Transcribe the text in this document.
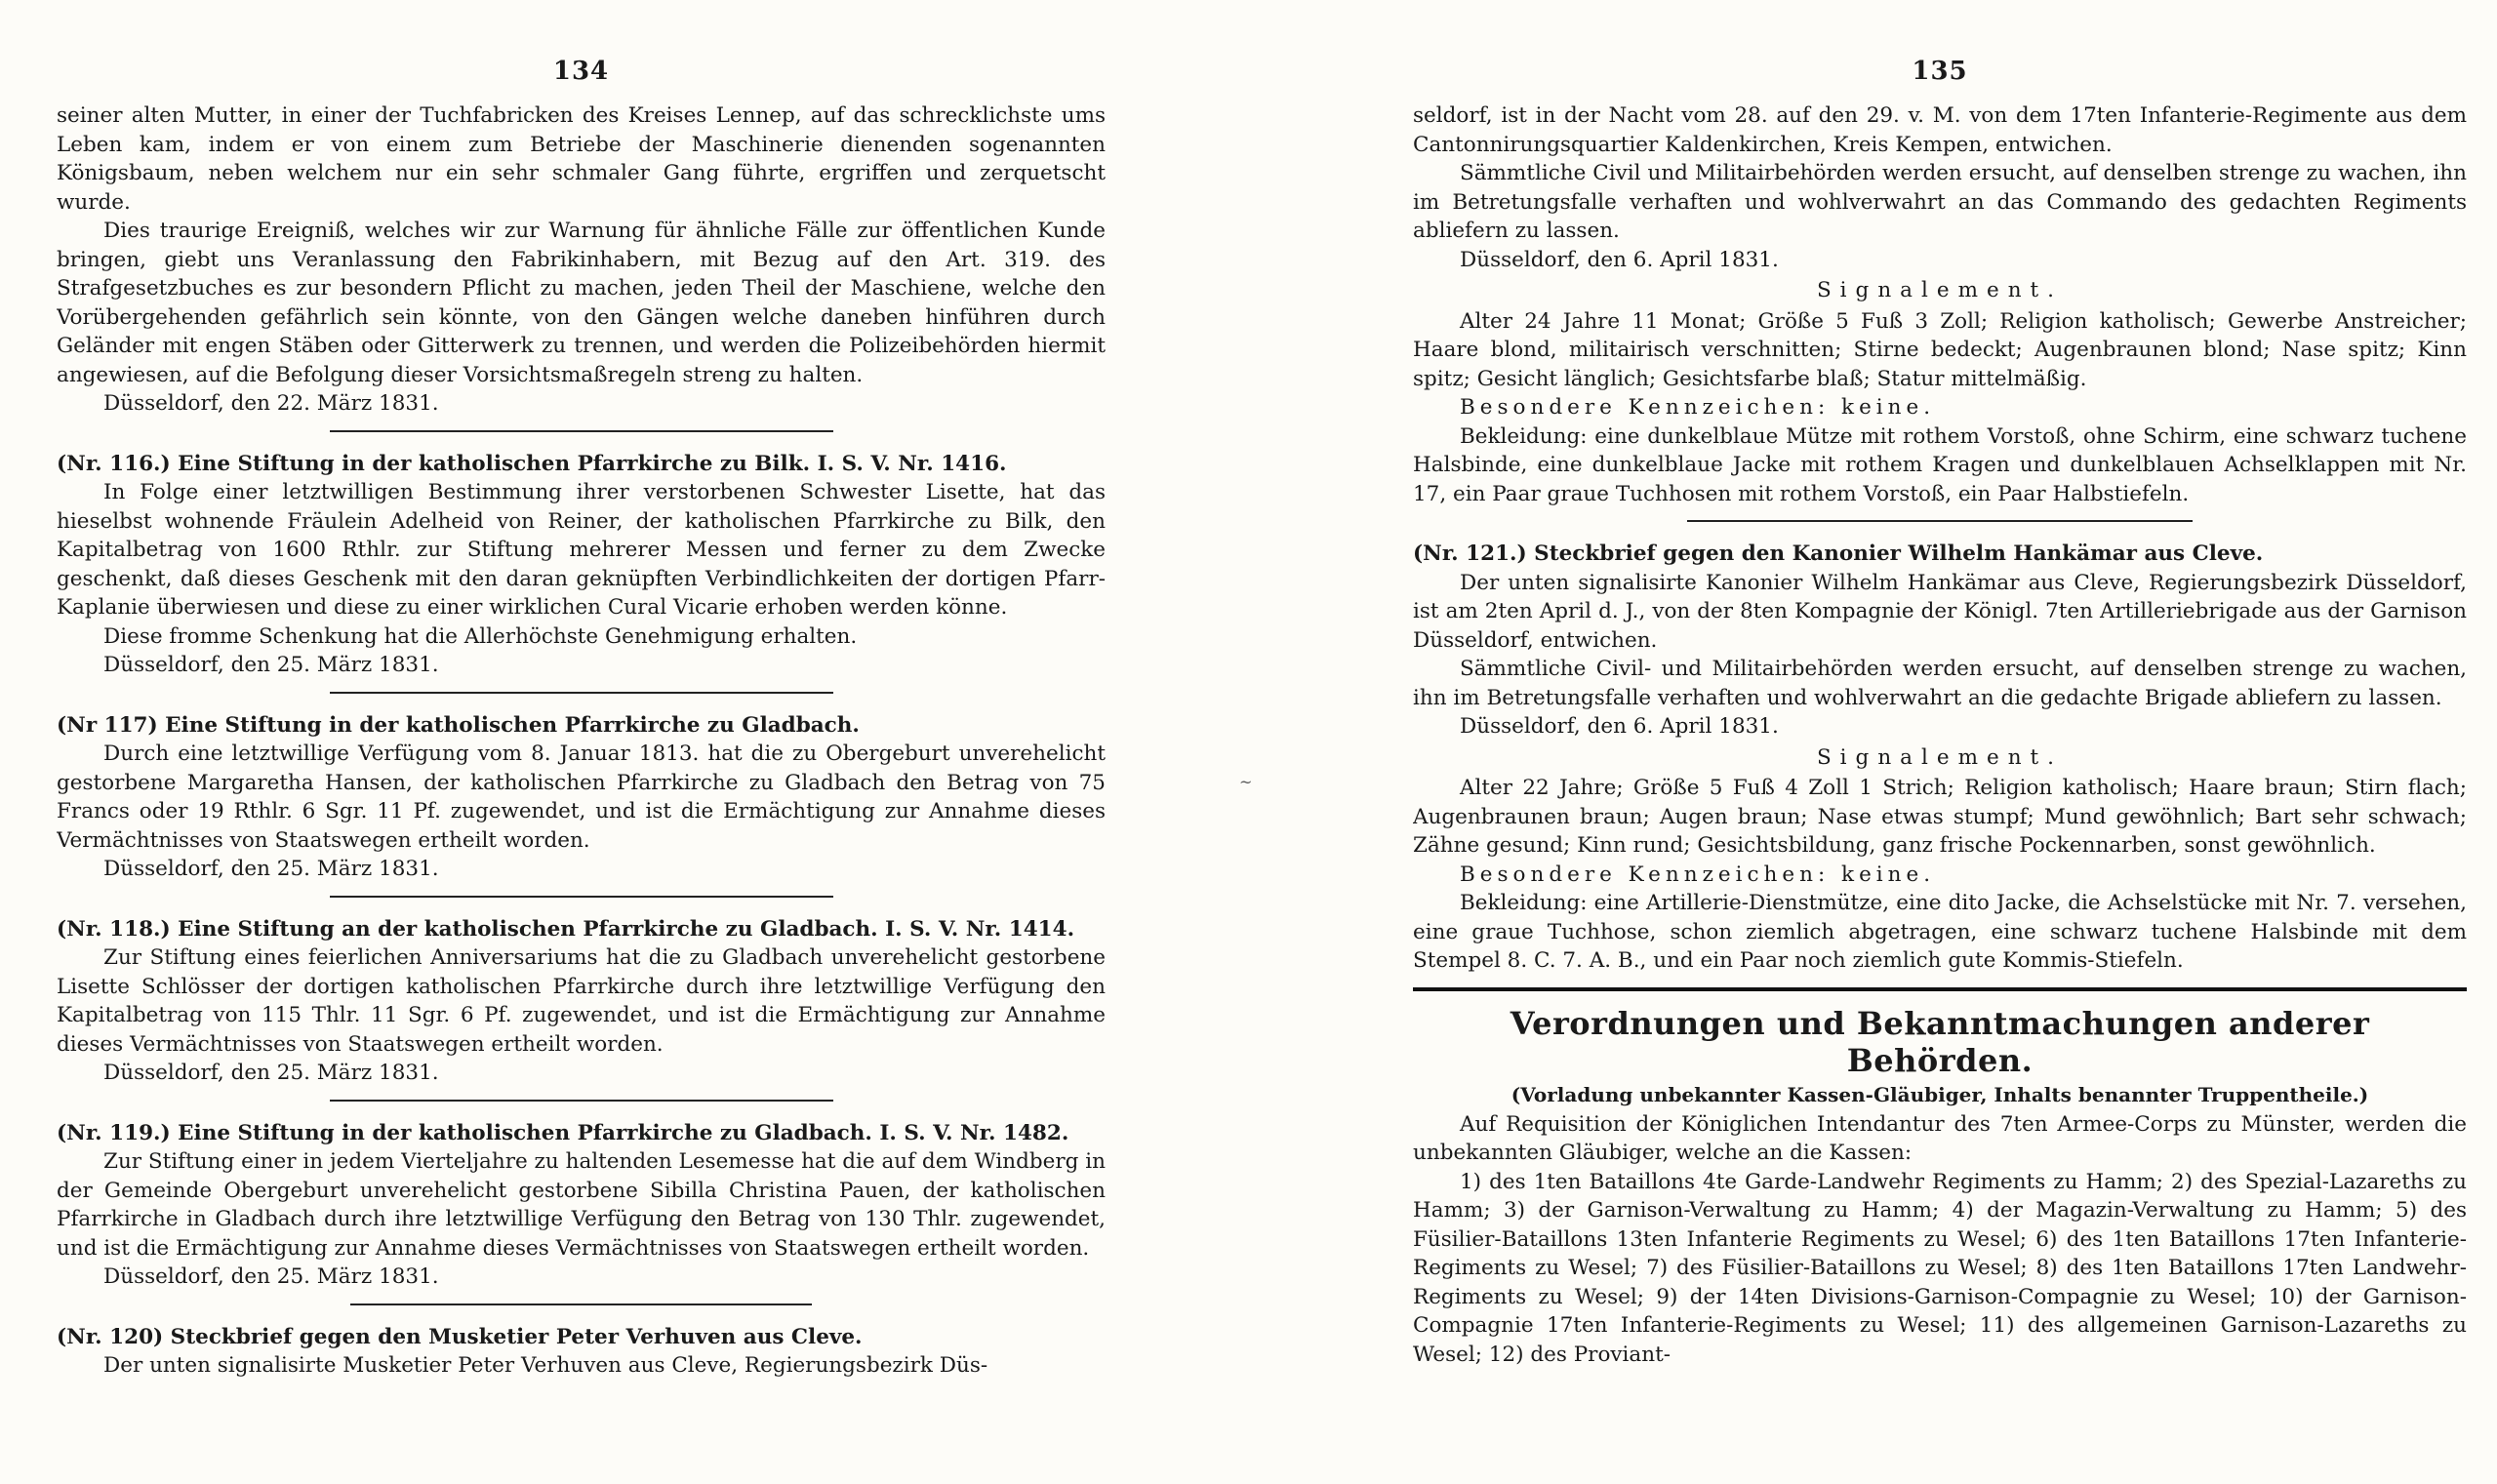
134

seiner alten Mutter, in einer der Tuchfabricken des Kreises Lennep, auf das schrecklichste ums Leben kam, indem er von einem zum Betriebe der Maschinerie dienenden sogenannten Königsbaum, neben welchem nur ein sehr schmaler Gang führte, ergriffen und zerquetscht wurde.

Dies traurige Ereigniß, welches wir zur Warnung für ähnliche Fälle zur öffentlichen Kunde bringen, giebt uns Veranlassung den Fabrikinhabern, mit Bezug auf den Art. 319. des Strafgesetzbuches es zur besondern Pflicht zu machen, jeden Theil der Maschiene, welche den Vorübergehenden gefährlich sein könnte, von den Gängen welche daneben hinführen durch Geländer mit engen Stäben oder Gitterwerk zu trennen, und werden die Polizeibehörden hiermit angewiesen, auf die Befolgung dieser Vorsichtsmaßregeln streng zu halten.

Düsseldorf, den 22. März 1831.

(Nr. 116.) Eine Stiftung in der katholischen Pfarrkirche zu Bilk. I. S. V. Nr. 1416.

In Folge einer letztwilligen Bestimmung ihrer verstorbenen Schwester Lisette, hat das hieselbst wohnende Fräulein Adelheid von Reiner, der katholischen Pfarrkirche zu Bilk, den Kapitalbetrag von 1600 Rthlr. zur Stiftung mehrerer Messen und ferner zu dem Zwecke geschenkt, daß dieses Geschenk mit den daran geknüpften Verbindlichkeiten der dortigen Pfarr-Kaplanie überwiesen und diese zu einer wirklichen Cural Vicarie erhoben werden könne.

Diese fromme Schenkung hat die Allerhöchste Genehmigung erhalten.

Düsseldorf, den 25. März 1831.

(Nr 117) Eine Stiftung in der katholischen Pfarrkirche zu Gladbach.

Durch eine letztwillige Verfügung vom 8. Januar 1813. hat die zu Obergeburt unverehelicht gestorbene Margaretha Hansen, der katholischen Pfarrkirche zu Gladbach den Betrag von 75 Francs oder 19 Rthlr. 6 Sgr. 11 Pf. zugewendet, und ist die Ermächtigung zur Annahme dieses Vermächtnisses von Staatswegen ertheilt worden.

Düsseldorf, den 25. März 1831.

(Nr. 118.) Eine Stiftung an der katholischen Pfarrkirche zu Gladbach. I. S. V. Nr. 1414.

Zur Stiftung eines feierlichen Anniversariums hat die zu Gladbach unverehelicht gestorbene Lisette Schlösser der dortigen katholischen Pfarrkirche durch ihre letztwillige Verfügung den Kapitalbetrag von 115 Thlr. 11 Sgr. 6 Pf. zugewendet, und ist die Ermächtigung zur Annahme dieses Vermächtnisses von Staatswegen ertheilt worden.

Düsseldorf, den 25. März 1831.

(Nr. 119.) Eine Stiftung in der katholischen Pfarrkirche zu Gladbach. I. S. V. Nr. 1482.

Zur Stiftung einer in jedem Vierteljahre zu haltenden Lesemesse hat die auf dem Windberg in der Gemeinde Obergeburt unverehelicht gestorbene Sibilla Christina Pauen, der katholischen Pfarrkirche in Gladbach durch ihre letztwillige Verfügung den Betrag von 130 Thlr. zugewendet, und ist die Ermächtigung zur Annahme dieses Vermächtnisses von Staatswegen ertheilt worden.

Düsseldorf, den 25. März 1831.

(Nr. 120) Steckbrief gegen den Musketier Peter Verhuven aus Cleve.

Der unten signalisirte Musketier Peter Verhuven aus Cleve, Regierungsbezirk Düs-

~
135

seldorf, ist in der Nacht vom 28. auf den 29. v. M. von dem 17ten Infanterie-Regimente aus dem Cantonnirungsquartier Kaldenkirchen, Kreis Kempen, entwichen.

Sämmtliche Civil und Militairbehörden werden ersucht, auf denselben strenge zu wachen, ihn im Betretungsfalle verhaften und wohlverwahrt an das Commando des gedachten Regiments abliefern zu lassen.

Düsseldorf, den 6. April 1831.

Signalement.

Alter 24 Jahre 11 Monat; Größe 5 Fuß 3 Zoll; Religion katholisch; Gewerbe Anstreicher; Haare blond, militairisch verschnitten; Stirne bedeckt; Augenbraunen blond; Nase spitz; Kinn spitz; Gesicht länglich; Gesichtsfarbe blaß; Statur mittelmäßig.

Besondere Kennzeichen: keine.

Bekleidung: eine dunkelblaue Mütze mit rothem Vorstoß, ohne Schirm, eine schwarz tuchene Halsbinde, eine dunkelblaue Jacke mit rothem Kragen und dunkelblauen Achselklappen mit Nr. 17, ein Paar graue Tuchhosen mit rothem Vorstoß, ein Paar Halbstiefeln.

(Nr. 121.) Steckbrief gegen den Kanonier Wilhelm Hankämar aus Cleve.

Der unten signalisirte Kanonier Wilhelm Hankämar aus Cleve, Regierungsbezirk Düsseldorf, ist am 2ten April d. J., von der 8ten Kompagnie der Königl. 7ten Artilleriebrigade aus der Garnison Düsseldorf, entwichen.

Sämmtliche Civil- und Militairbehörden werden ersucht, auf denselben strenge zu wachen, ihn im Betretungsfalle verhaften und wohlverwahrt an die gedachte Brigade abliefern zu lassen.

Düsseldorf, den 6. April 1831.

Signalement.

Alter 22 Jahre; Größe 5 Fuß 4 Zoll 1 Strich; Religion katholisch; Haare braun; Stirn flach; Augenbraunen braun; Augen braun; Nase etwas stumpf; Mund gewöhnlich; Bart sehr schwach; Zähne gesund; Kinn rund; Gesichtsbildung, ganz frische Pockennarben, sonst gewöhnlich.

Besondere Kennzeichen: keine.

Bekleidung: eine Artillerie-Dienstmütze, eine dito Jacke, die Achselstücke mit Nr. 7. versehen, eine graue Tuchhose, schon ziemlich abgetragen, eine schwarz tuchene Halsbinde mit dem Stempel 8. C. 7. A. B., und ein Paar noch ziemlich gute Kommis-Stiefeln.

Verordnungen und Bekanntmachungen anderer Behörden.
(Vorladung unbekannter Kassen-Gläubiger, Inhalts benannter Truppentheile.)

Auf Requisition der Königlichen Intendantur des 7ten Armee-Corps zu Münster, werden die unbekannten Gläubiger, welche an die Kassen:

1) des 1ten Bataillons 4te Garde-Landwehr Regiments zu Hamm; 2) des Spezial-Lazareths zu Hamm; 3) der Garnison-Verwaltung zu Hamm; 4) der Magazin-Verwaltung zu Hamm; 5) des Füsilier-Bataillons 13ten Infanterie Regiments zu Wesel; 6) des 1ten Bataillons 17ten Infanterie-Regiments zu Wesel; 7) des Füsilier-Bataillons zu Wesel; 8) des 1ten Bataillons 17ten Landwehr-Regiments zu Wesel; 9) der 14ten Divisions-Garnison-Compagnie zu Wesel; 10) der Garnison-Compagnie 17ten Infanterie-Regiments zu Wesel; 11) des allgemeinen Garnison-Lazareths zu Wesel; 12) des Proviant-
